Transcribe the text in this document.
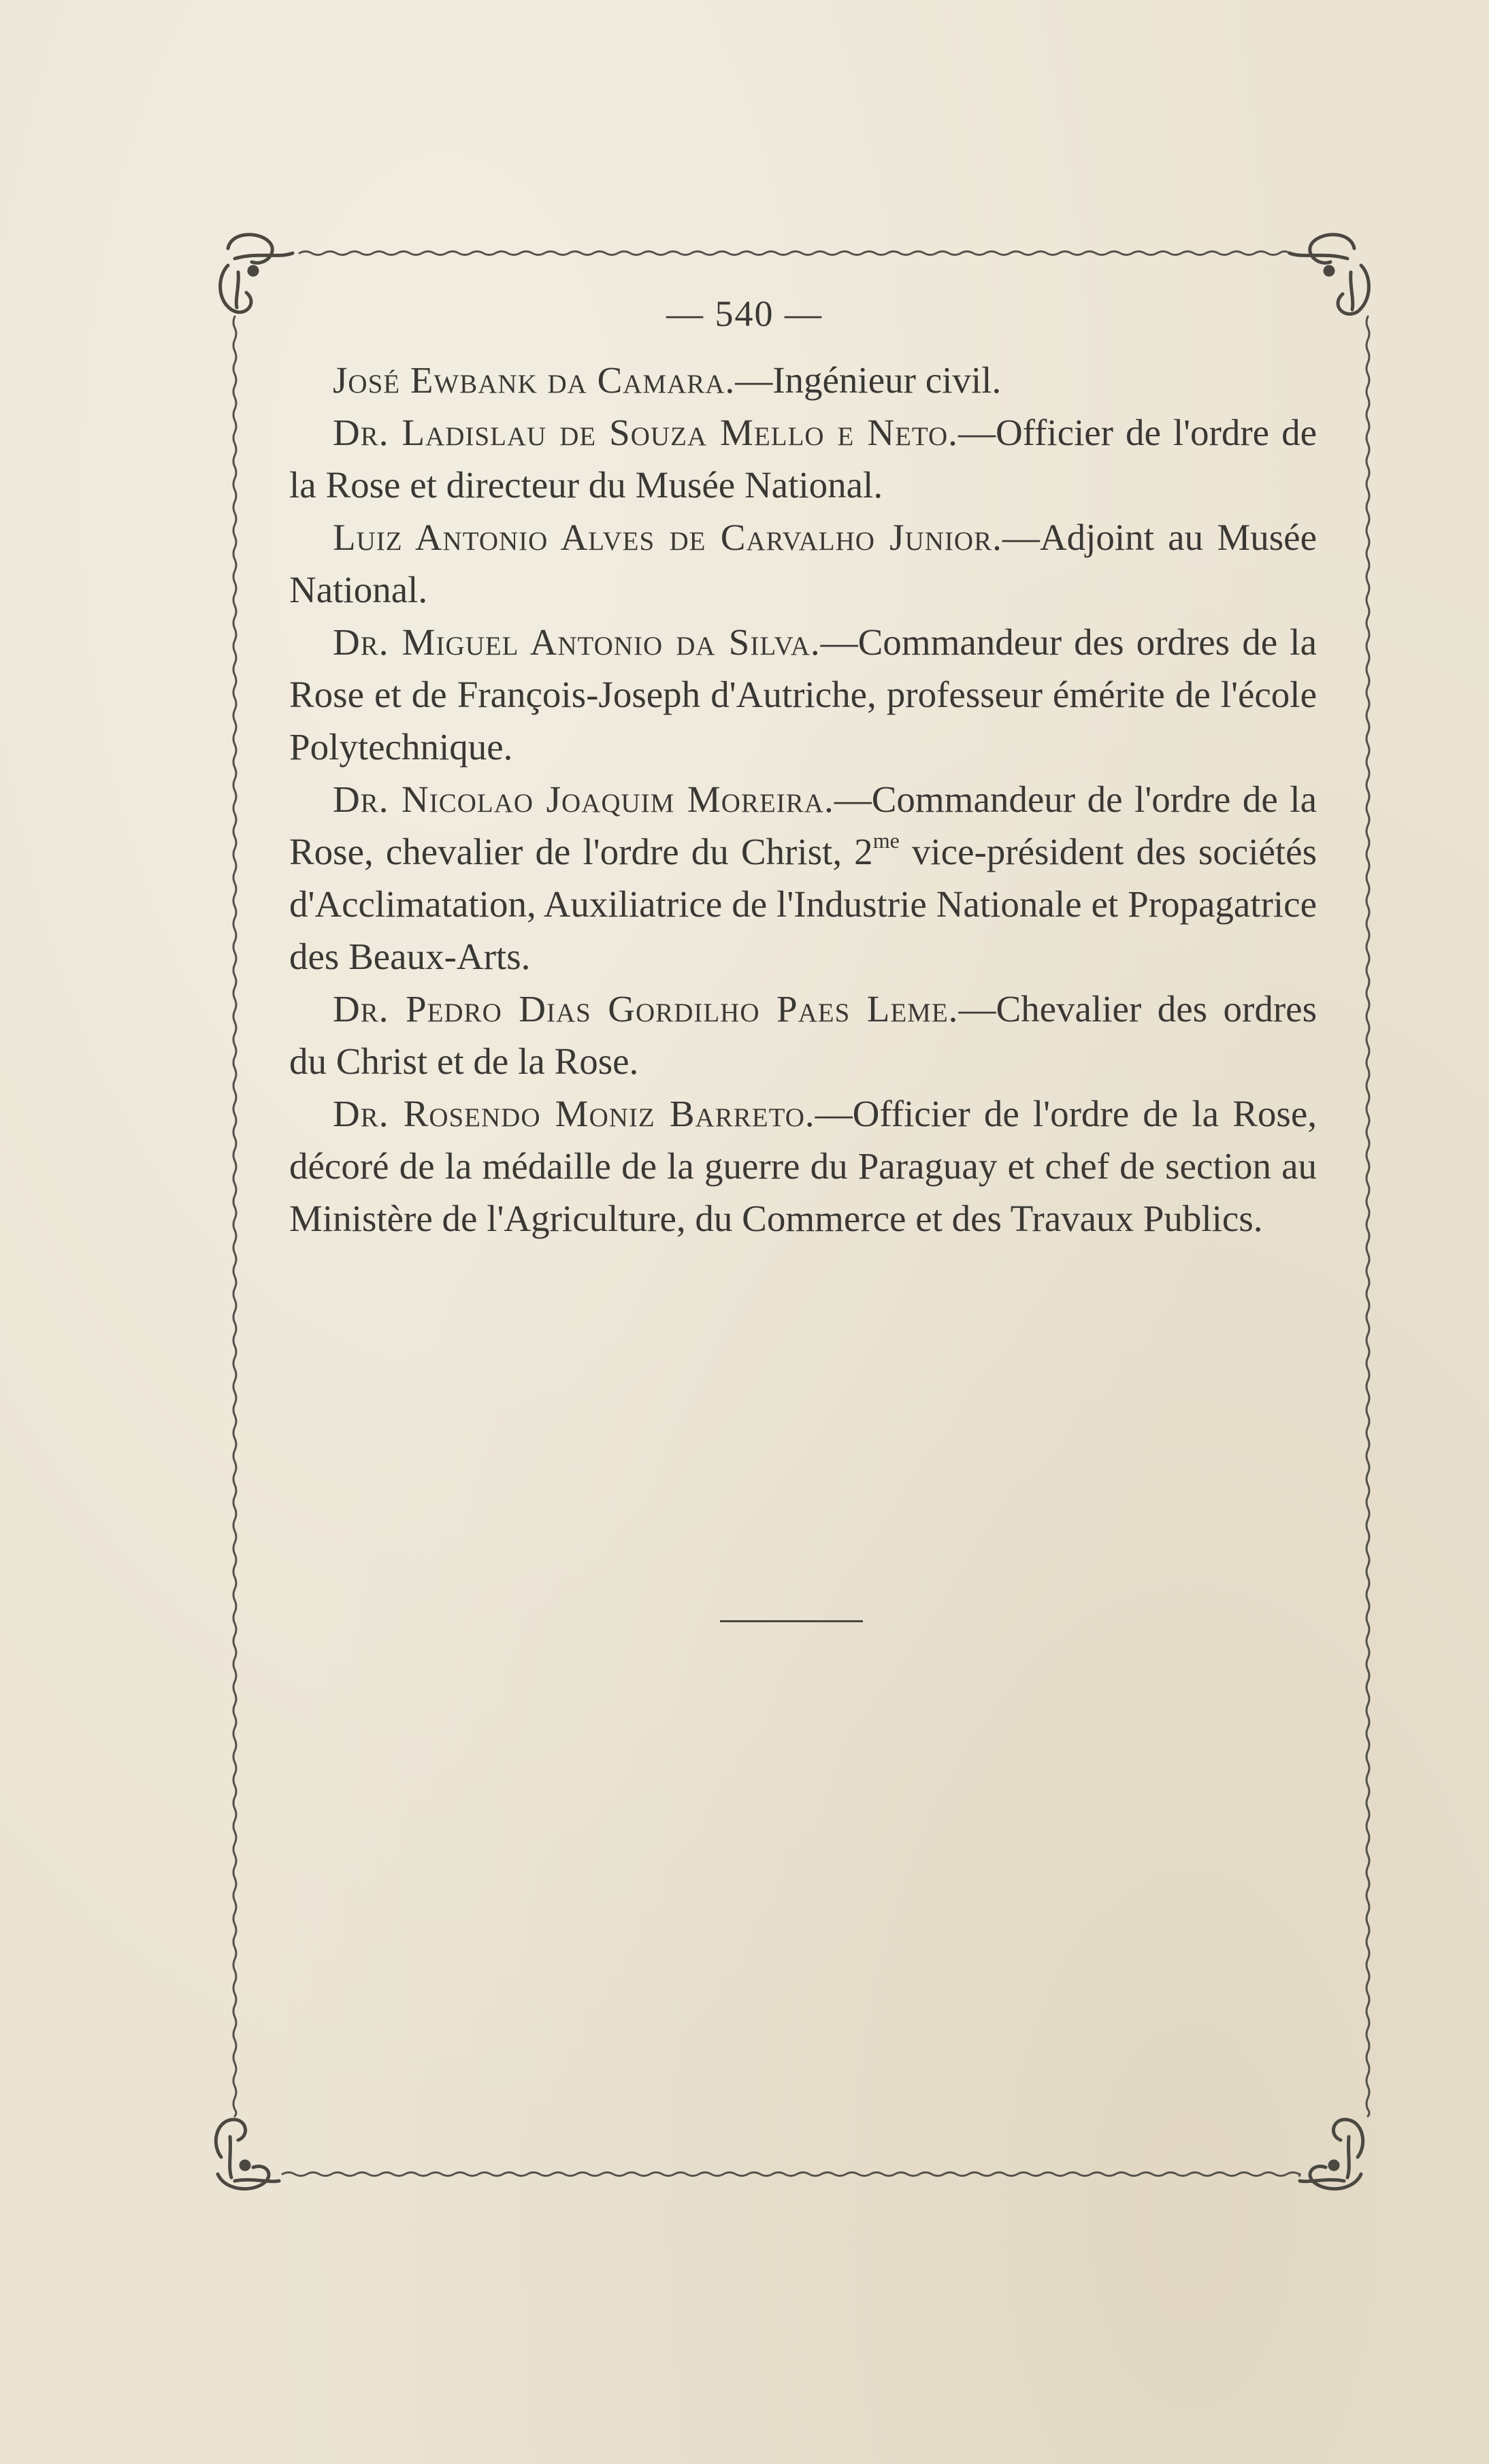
— 540 —

José Ewbank da Camara.—Ingénieur civil.

Dr. Ladislau de Souza Mello e Neto.—Officier de l'ordre de la Rose et directeur du Musée National.

Luiz Antonio Alves de Carvalho Junior.—Adjoint au Musée National.

Dr. Miguel Antonio da Silva.—Commandeur des ordres de la Rose et de François-Joseph d'Autriche, professeur émérite de l'école Polytechnique.

Dr. Nicolao Joaquim Moreira.—Commandeur de l'ordre de la Rose, chevalier de l'ordre du Christ, $2^{me}$ vice-président des sociétés d'Acclimatation, Auxiliatrice de l'Industrie Nationale et Propagatrice des Beaux-Arts.

Dr. Pedro Dias Gordilho Paes Leme.—Chevalier des ordres du Christ et de la Rose.

Dr. Rosendo Moniz Barreto.—Officier de l'ordre de la Rose, décoré de la médaille de la guerre du Paraguay et chef de section au Ministère de l'Agriculture, du Commerce et des Travaux Publics.
